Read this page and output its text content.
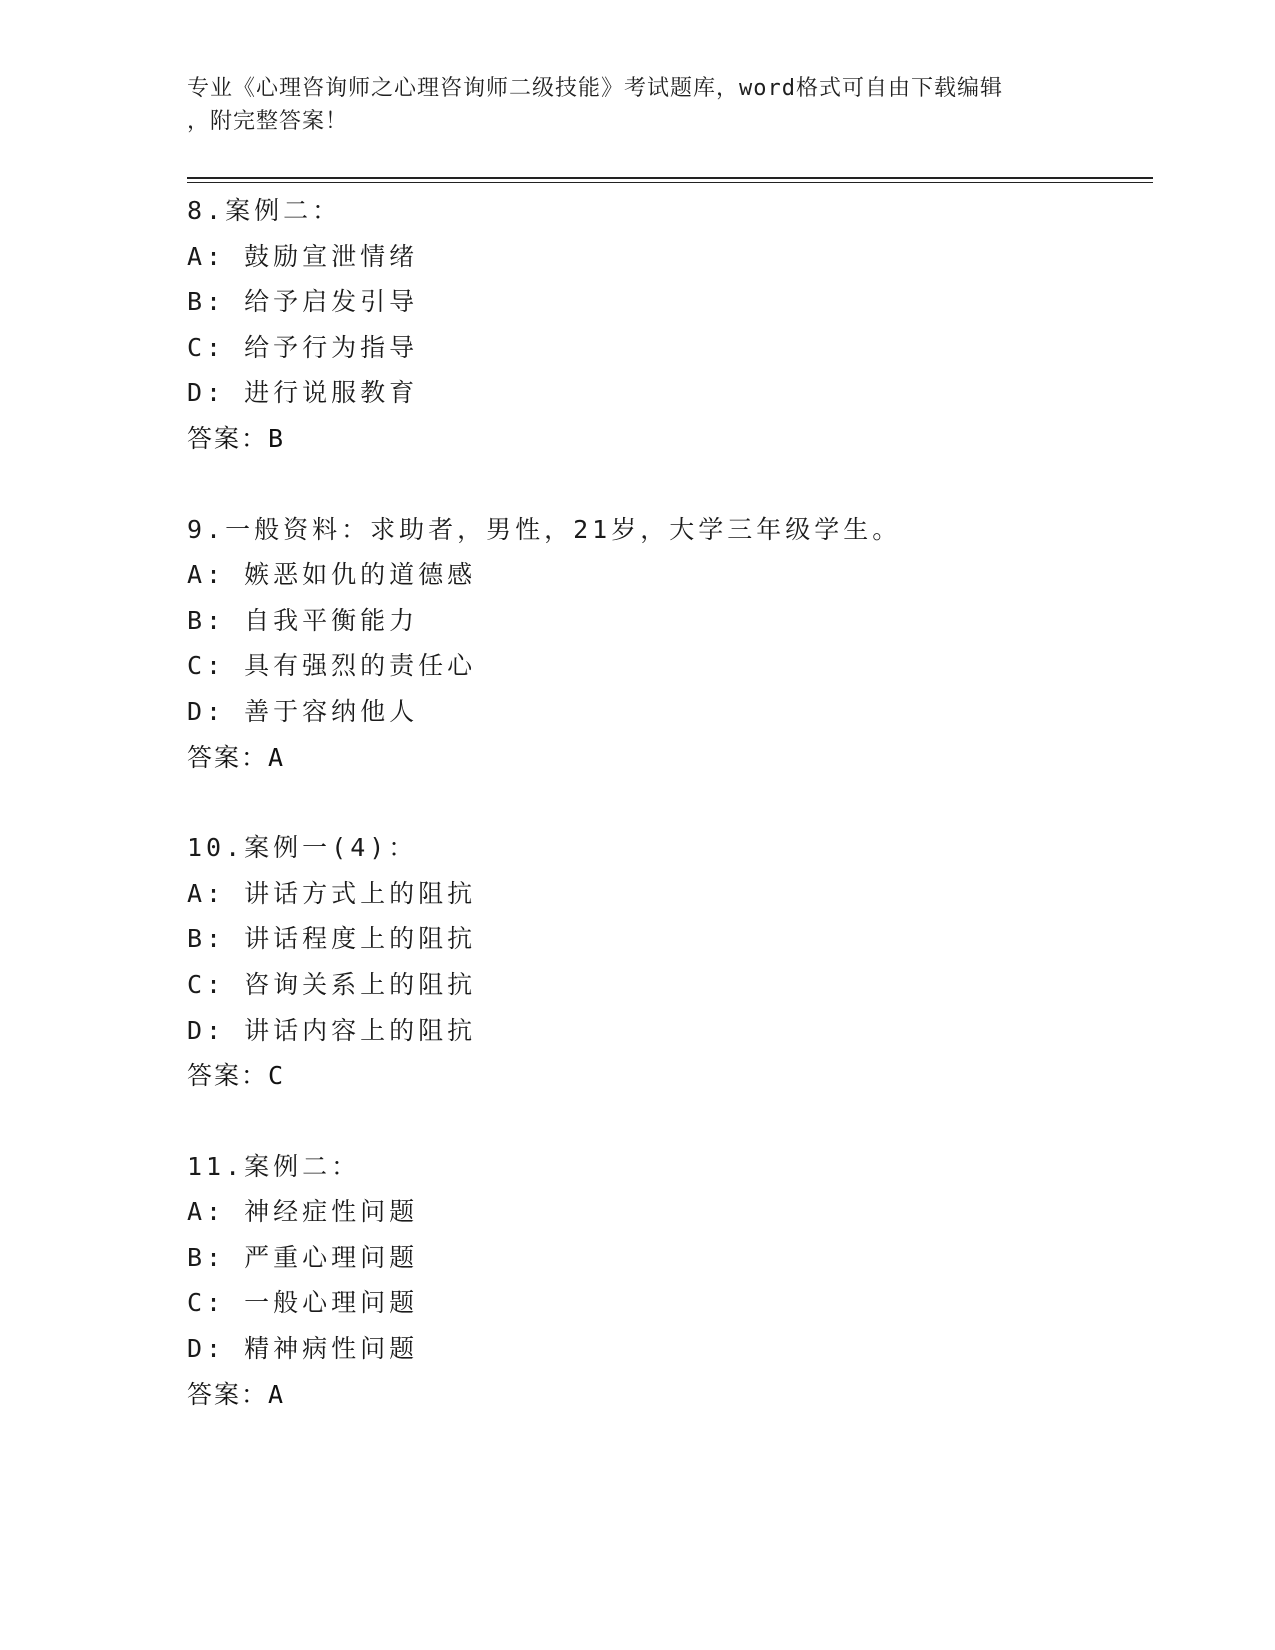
专业《心理咨询师之心理咨询师二级技能》考试题库，word格式可自由下载编辑
，附完整答案！
8.案例二：
A: 鼓励宣泄情绪
B: 给予启发引导
C: 给予行为指导
D: 进行说服教育
答案：B
9.一般资料：求助者，男性，21岁，大学三年级学生。
A: 嫉恶如仇的道德感
B: 自我平衡能力
C: 具有强烈的责任心
D: 善于容纳他人
答案：A
10.案例一(4)：
A: 讲话方式上的阻抗
B: 讲话程度上的阻抗
C: 咨询关系上的阻抗
D: 讲话内容上的阻抗
答案：C
11.案例二：
A: 神经症性问题
B: 严重心理问题
C: 一般心理问题
D: 精神病性问题
答案：A
